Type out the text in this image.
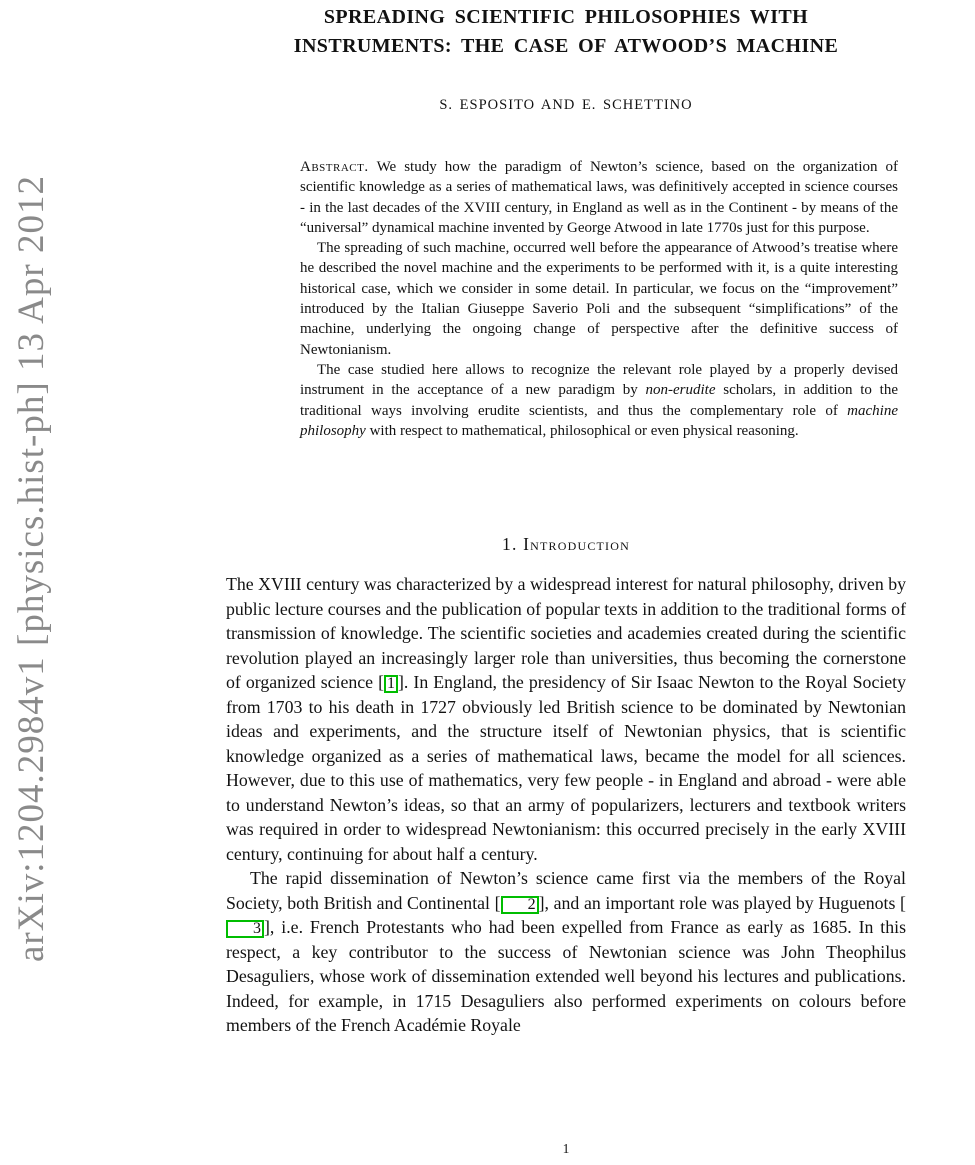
arXiv:1204.2984v1 [physics.hist-ph] 13 Apr 2012
SPREADING SCIENTIFIC PHILOSOPHIES WITH
INSTRUMENTS: THE CASE OF ATWOOD’S MACHINE
S. ESPOSITO AND E. SCHETTINO

Abstract. We study how the paradigm of Newton’s science, based on the organization of scientific knowledge as a series of mathematical laws, was definitively accepted in science courses - in the last decades of the XVIII century, in England as well as in the Continent - by means of the “universal” dynamical machine invented by George Atwood in late 1770s just for this purpose.

The spreading of such machine, occurred well before the appearance of Atwood’s treatise where he described the novel machine and the experiments to be performed with it, is a quite interesting historical case, which we consider in some detail. In particular, we focus on the “improvement” introduced by the Italian Giuseppe Saverio Poli and the subsequent “simplifications” of the machine, underlying the ongoing change of perspective after the definitive success of Newtonianism.

The case studied here allows to recognize the relevant role played by a properly devised instrument in the acceptance of a new paradigm by non-erudite scholars, in addition to the traditional ways involving erudite scientists, and thus the complementary role of machine philosophy with respect to mathematical, philosophical or even physical reasoning.

1. Introduction

The XVIII century was characterized by a widespread interest for natural philosophy, driven by public lecture courses and the publication of popular texts in addition to the traditional forms of transmission of knowledge. The scientific societies and academies created during the scientific revolution played an increasingly larger role than universities, thus becoming the cornerstone of organized science [ 1 ]. In England, the presidency of Sir Isaac Newton to the Royal Society from 1703 to his death in 1727 obviously led British science to be dominated by Newtonian ideas and experiments, and the structure itself of Newtonian physics, that is scientific knowledge organized as a series of mathematical laws, became the model for all sciences. However, due to this use of mathematics, very few people - in England and abroad - were able to understand Newton’s ideas, so that an army of popularizers, lecturers and textbook writers was required in order to widespread Newtonianism: this occurred precisely in the early XVIII century, continuing for about half a century.

The rapid dissemination of Newton’s science came first via the members of the Royal Society, both British and Continental [ 2 ], and an important role was played by Huguenots [3 ], i.e. French Protestants who had been expelled from France as early as 1685. In this respect, a key contributor to the success of Newtonian science was John Theophilus Desaguliers, whose work of dissemination extended well beyond his lectures and publications. Indeed, for example, in 1715 Desaguliers also performed experiments on colours before members of the French Académie Royale

1
